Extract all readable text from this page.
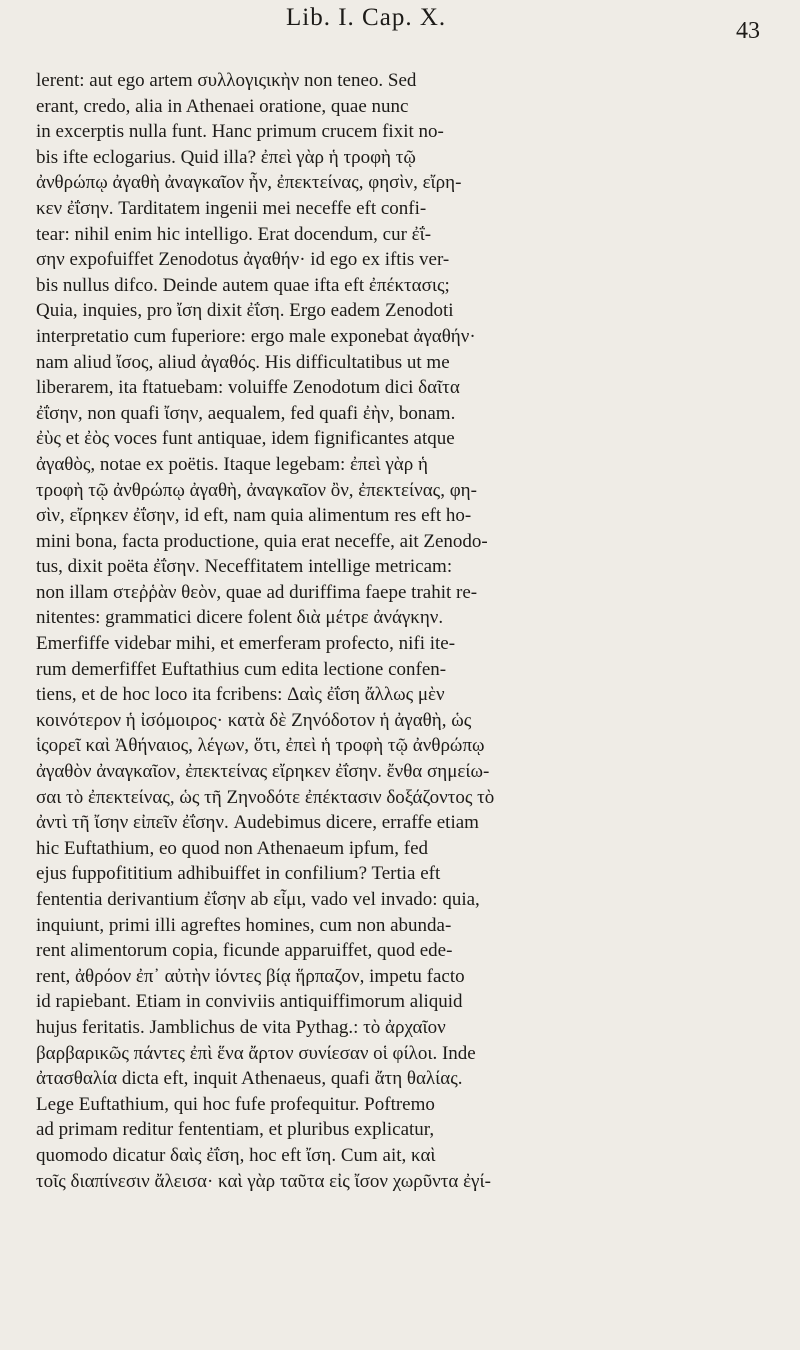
Lib. I. Cap. X.	43
lerent: aut ego artem συλλογιςικὴν non teneo. Sed
erant, credo, alia in Athenaei oratione, quae nunc
in excerptis nulla funt. Hanc primum crucem fixit no-
bis ifte eclogarius. Quid illa? ἐπεὶ γὰρ ἡ τροφὴ τῷ
ἀνθρώπῳ ἀγαθὴ ἀναγκαῖον ἦν, ἐπεκτείνας, φησὶν, εἴρη-
κεν ἐΐσην. Tarditatem ingenii mei neceffe eft confi-
tear: nihil enim hic intelligo. Erat docendum, cur ἐΐ-
σην expofuiffet Zenodotus ἀγαθήν· id ego ex iftis ver-
bis nullus difco. Deinde autem quae ifta eft ἐπέκτασις;
Quia, inquies, pro ἴση dixit ἐΐση. Ergo eadem Zenodoti
interpretatio cum fuperiore: ergo male exponebat ἀγαθήν·
nam aliud ἴσος, aliud ἀγαθός. His difficultatibus ut me
liberarem, ita ftatuebam: voluiffe Zenodotum dici δαῖτα
ἐΐσην, non quafi ἴσην, aequalem, fed quafi ἐὴν, bonam.
ἐὺς et ἐὸς voces funt antiquae, idem fignificantes atque
ἀγαθὸς, notae ex poëtis. Itaque legebam: ἐπεὶ γὰρ ἡ
τροφὴ τῷ ἀνθρώπῳ ἀγαθὴ, ἀναγκαῖον ὂν, ἐπεκτείνας, φη-
σὶν, εἴρηκεν ἐΐσην, id eft, nam quia alimentum res eft ho-
mini bona, facta productione, quia erat neceffe, ait Zenodo-
tus, dixit poëta ἐΐσην. Neceffitatem intellige metricam:
non illam στεῤῥὰν θεὸν, quae ad duriffima faepe trahit re-
nitentes: grammatici dicere folent διὰ μέτρε ἀνάγκην.
Emerfiffe videbar mihi, et emerferam profecto, nifi ite-
rum demerfiffet Euftathius cum edita lectione confen-
tiens, et de hoc loco ita fcribens: Δαὶς ἐΐση ἄλλως μὲν
κοινότερον ἡ ἰσόμοιρος· κατὰ δὲ Ζηνόδοτον ἡ ἀγαθὴ, ὡς
ἱςορεῖ καὶ Ἀθήναιος, λέγων, ὅτι, ἐπεὶ ἡ τροφὴ τῷ ἀνθρώπῳ
ἀγαθὸν ἀναγκαῖον, ἐπεκτείνας εἴρηκεν ἐΐσην. ἔνθα σημείω-
σαι τὸ ἐπεκτείνας, ὡς τῆ Ζηνοδότε ἐπέκτασιν δοξάζοντος τὸ
ἀντὶ τῆ ἴσην εἰπεῖν ἐΐσην. Audebimus dicere, erraffe etiam
hic Euftathium, eo quod non Athenaeum ipfum, fed
ejus fuppofititium adhibuiffet in confilium? Tertia eft
fententia derivantium ἐΐσην ab εἶμι, vado vel invado: quia,
inquiunt, primi illi agreftes homines, cum non abunda-
rent alimentorum copia, ficunde apparuiffet, quod ede-
rent, ἀθρόον ἐπ᾽ αὐτὴν ἰόντες βίᾳ ἥρπαζον, impetu facto
id rapiebant. Etiam in conviviis antiquiffimorum aliquid
hujus feritatis. Jamblichus de vita Pythag.: τὸ ἀρχαῖον
βαρβαρικῶς πάντες ἐπὶ ἕνα ἄρτον συνίεσαν οἱ φίλοι. Inde
ἀτασθαλία dicta eft, inquit Athenaeus, quafi ἄτη θαλίας.
Lege Euftathium, qui hoc fufe profequitur. Poftremo
ad primam reditur fententiam, et pluribus explicatur,
quomodo dicatur δαὶς ἐΐση, hoc eft ἴση. Cum ait, καὶ
τοῖς διαπίνεσιν ἄλεισα· καὶ γὰρ ταῦτα εἰς ἴσον χωρῦντα ἐγί-
